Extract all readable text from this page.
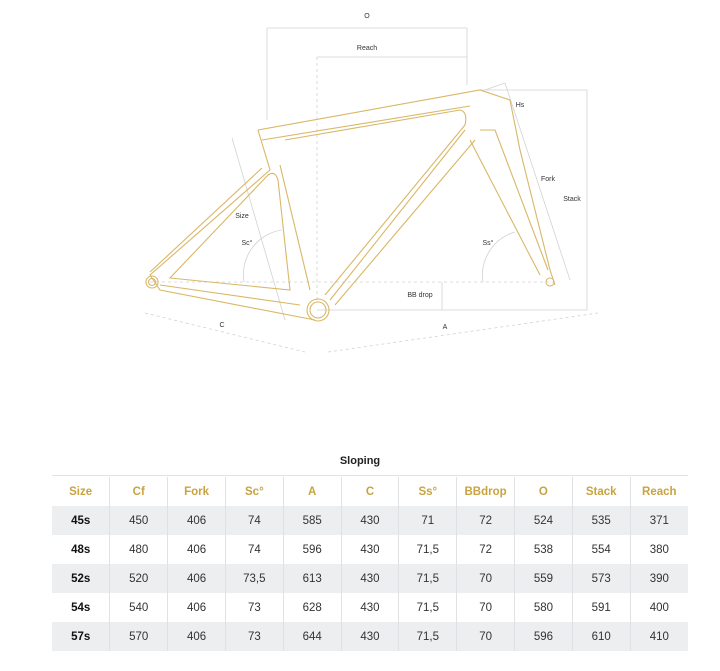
O
Reach
Hs
Fork
Stack
Size
Sc°	Ss°
BB drop
C	A
Sloping
Size	Cf	Fork	Sc°	A	C	Ss°	BBdrop	O	Stack	Reach
45s	450	406	74	585	430	71	72	524	535	371
48s	480	406	74	596	430	71,5	72	538	554	380
52s	520	406	73,5	613	430	71,5	70	559	573	390
54s	540	406	73	628	430	71,5	70	580	591	400
57s	570	406	73	644	430	71,5	70	596	610	410
